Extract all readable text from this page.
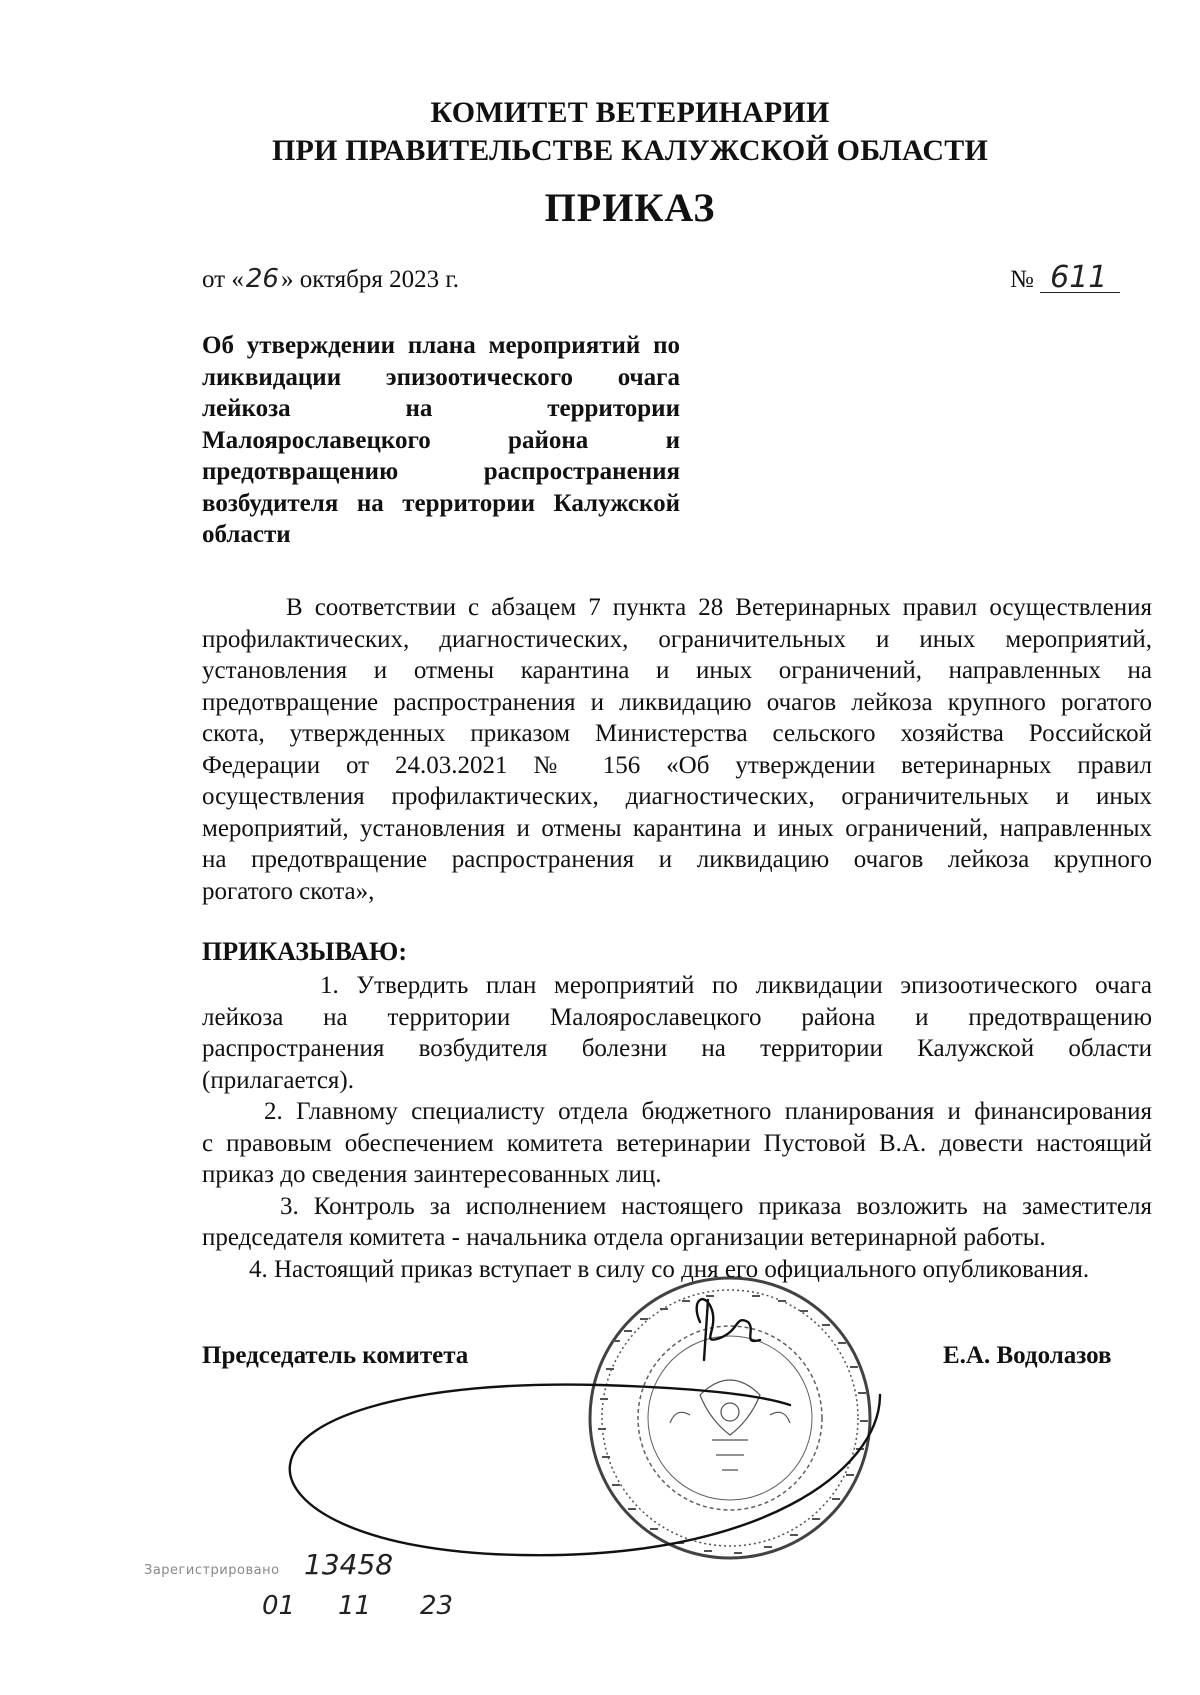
КОМИТЕТ ВЕТЕРИНАРИИ
ПРИ ПРАВИТЕЛЬСТВЕ КАЛУЖСКОЙ ОБЛАСТИ
ПРИКАЗ
от «26» октября 2023 г.	№ 611
Об утверждении плана мероприятий по
ликвидации эпизоотического очага
лейкоза на территории
Малоярославецкого района и
предотвращению распространения
возбудителя на территории Калужской
области
В соответствии с абзацем 7 пункта 28 Ветеринарных правил осуществления
профилактических, диагностических, ограничительных и иных мероприятий,
установления и отмены карантина и иных ограничений, направленных на
предотвращение распространения и ликвидацию очагов лейкоза крупного рогатого
скота, утвержденных приказом Министерства сельского хозяйства Российской
Федерации от 24.03.2021 № 156 «Об утверждении ветеринарных правил
осуществления профилактических, диагностических, ограничительных и иных
мероприятий, установления и отмены карантина и иных ограничений, направленных
на предотвращение распространения и ликвидацию очагов лейкоза крупного
рогатого скота»,
ПРИКАЗЫВАЮ:
1. Утвердить план мероприятий по ликвидации эпизоотического очага
лейкоза на территории Малоярославецкого района и предотвращению
распространения возбудителя болезни на территории Калужской области
(прилагается).
2. Главному специалисту отдела бюджетного планирования и финансирования
с правовым обеспечением комитета ветеринарии Пустовой В.А. довести настоящий
приказ до сведения заинтересованных лиц.
3. Контроль за исполнением настоящего приказа возложить на заместителя
председателя комитета - начальника отдела организации ветеринарной работы.
4. Настоящий приказ вступает в силу со дня его официального опубликования.
Председатель комитета	Е.А. Водолазов
Зарегистрировано 13458
01 11 23
